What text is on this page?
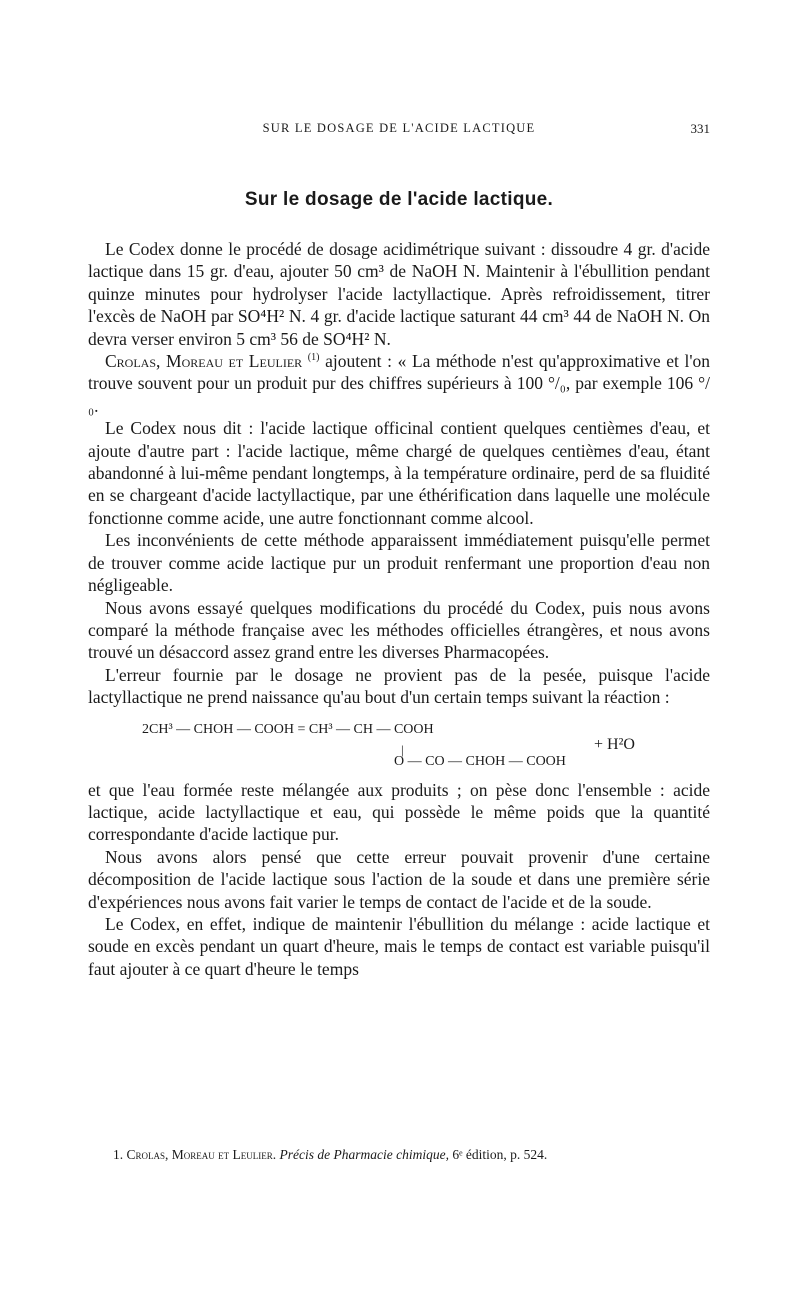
SUR LE DOSAGE DE L'ACIDE LACTIQUE	331
Sur le dosage de l'acide lactique.

Le Codex donne le procédé de dosage acidimétrique suivant : dissoudre 4 gr. d'acide lactique dans 15 gr. d'eau, ajouter 50 cm³ de NaOH N. Maintenir à l'ébullition pendant quinze minutes pour hydrolyser l'acide lactyllactique. Après refroidissement, titrer l'excès de NaOH par SO⁴H² N. 4 gr. d'acide lactique saturant 44 cm³ 44 de NaOH N. On devra verser environ 5 cm³ 56 de SO⁴H² N.

Crolas, Moreau et Leulier $^{(1)}$ ajoutent : « La méthode n'est qu'approximative et l'on trouve souvent pour un produit pur des chiffres supérieurs à 100 °/₀, par exemple 106 °/₀.

Le Codex nous dit : l'acide lactique officinal contient quelques centièmes d'eau, et ajoute d'autre part : l'acide lactique, même chargé de quelques centièmes d'eau, étant abandonné à lui-même pendant longtemps, à la température ordinaire, perd de sa fluidité en se chargeant d'acide lactyllactique, par une éthérification dans laquelle une molécule fonctionne comme acide, une autre fonctionnant comme alcool.

Les inconvénients de cette méthode apparaissent immédiatement puisqu'elle permet de trouver comme acide lactique pur un produit renfermant une proportion d'eau non négligeable.

Nous avons essayé quelques modifications du procédé du Codex, puis nous avons comparé la méthode française avec les méthodes officielles étrangères, et nous avons trouvé un désaccord assez grand entre les diverses Pharmacopées.

L'erreur fournie par le dosage ne provient pas de la pesée, puisque l'acide lactyllactique ne prend naissance qu'au bout d'un certain temps suivant la réaction :

2CH³ — CHOH — COOH = CH³ — CH — COOH
|
O — CO — CHOH — COOH
+ H²O

et que l'eau formée reste mélangée aux produits ; on pèse donc l'ensemble : acide lactique, acide lactyllactique et eau, qui possède le même poids que la quantité correspondante d'acide lactique pur.

Nous avons alors pensé que cette erreur pouvait provenir d'une certaine décomposition de l'acide lactique sous l'action de la soude et dans une première série d'expériences nous avons fait varier le temps de contact de l'acide et de la soude.

Le Codex, en effet, indique de maintenir l'ébullition du mélange : acide lactique et soude en excès pendant un quart d'heure, mais le temps de contact est variable puisqu'il faut ajouter à ce quart d'heure le temps

1. Crolas, Moreau et Leulier. Précis de Pharmacie chimique, 6ᵉ édition, p. 524.
